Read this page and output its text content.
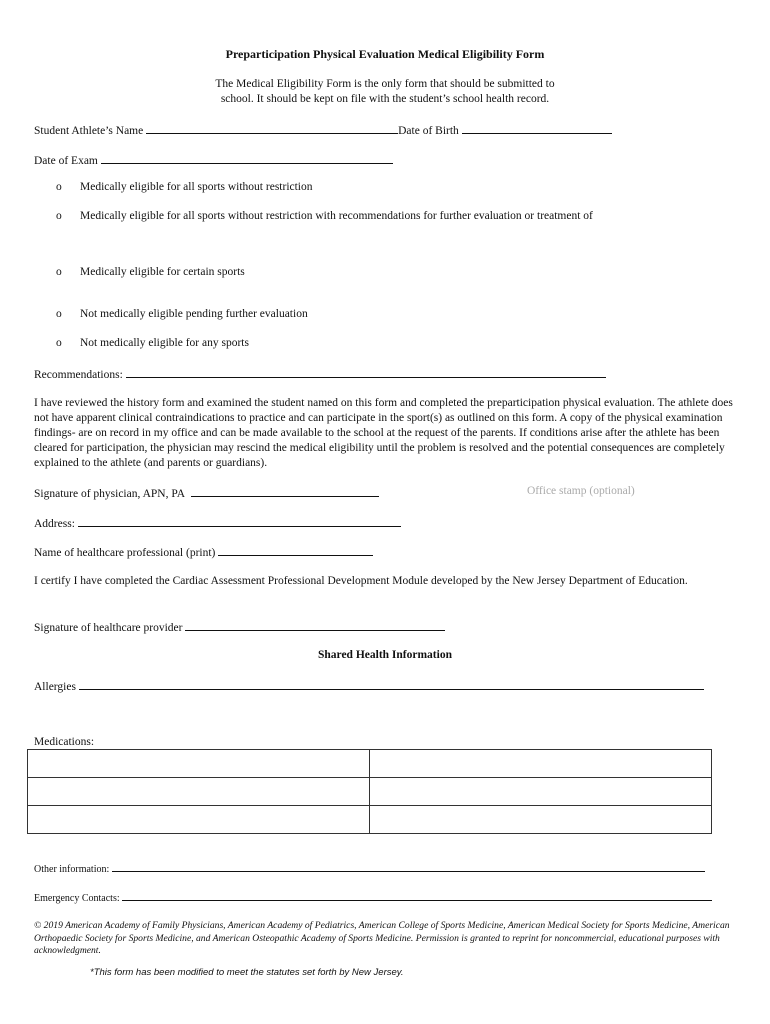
Preparticipation Physical Evaluation Medical Eligibility Form
The Medical Eligibility Form is the only form that should be submitted to
school. It should be kept on file with the student’s school health record.
Student Athlete’s Name	Date of Birth
Date of Exam
o Medically eligible for all sports without restriction
o Medically eligible for all sports without restriction with recommendations for further evaluation or treatment of
o Medically eligible for certain sports
o Not medically eligible pending further evaluation
o Not medically eligible for any sports
Recommendations:
I have reviewed the history form and examined the student named on this form and completed the preparticipation physical evaluation. The athlete does not have apparent clinical contraindications to practice and can participate in the sport(s) as outlined on this form. A copy of the physical examination findings- are on record in my office and can be made available to the school at the request of the parents. If conditions arise after the athlete has been cleared for participation, the physician may rescind the medical eligibility until the problem is resolved and the potential consequences are completely explained to the athlete (and parents or guardians).
Signature of physician, APN, PA	Office stamp (optional)
Address:
Name of healthcare professional (print)
I certify I have completed the Cardiac Assessment Professional Development Module developed by the New Jersey Department of Education.
Signature of healthcare provider
Shared Health Information
Allergies
Medications:

Other information:
Emergency Contacts:
© 2019 American Academy of Family Physicians, American Academy of Pediatrics, American College of Sports Medicine, American Medical Society for Sports Medicine, American Orthopaedic Society for Sports Medicine, and American Osteopathic Academy of Sports Medicine. Permission is granted to reprint for noncommercial, educational purposes with acknowledgment.
*This form has been modified to meet the statutes set forth by New Jersey.
